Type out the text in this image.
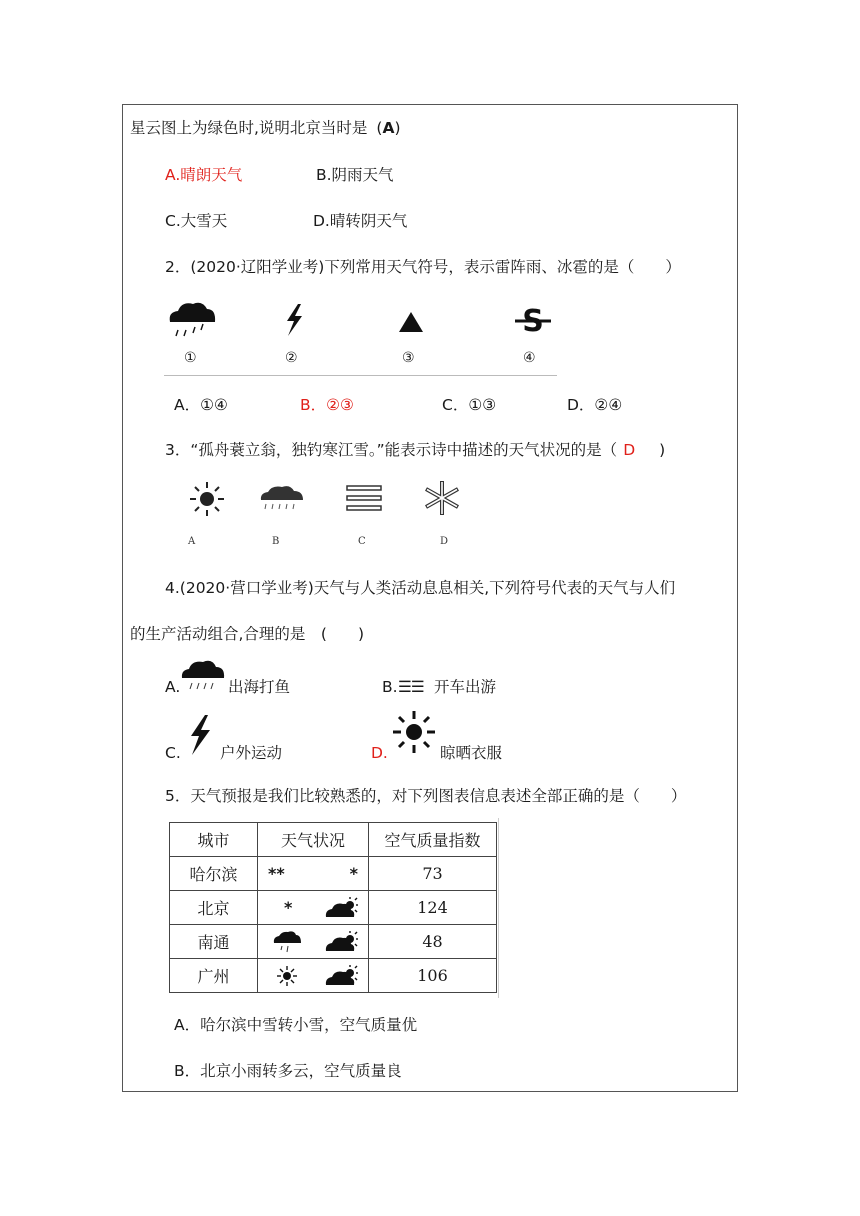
星云图上为绿色时,说明北京当时是 (A)
A.晴朗天气	B.阴雨天气
C.大雪天	D.晴转阴天气
2．(2020·辽阳学业考)下列常用天气符号，表示雷阵雨、冰雹的是（　　）
S
①	②	③	④
A．①④	B．②③	C．①③	D．②④
3．“孤舟蓑立翁，独钓寒江雪。”能表示诗中描述的天气状况的是（ D )
A	B	C	D
4.(2020·营口学业考)天气与人类活动息息相关,下列符号代表的天气与人们
的生产活动组合,合理的是　(　　)
A.	出海打鱼	B. ☰☰ 开车出游
C.	户外运动	D.	晾晒衣服
5．天气预报是我们比较熟悉的，对下列图表信息表述全部正确的是（　　）
城市	天气状况	空气质量指数
哈尔滨	** *	73
北京	*	124
南通		48
广州		106
A．哈尔滨中雪转小雪，空气质量优
B．北京小雨转多云，空气质量良
